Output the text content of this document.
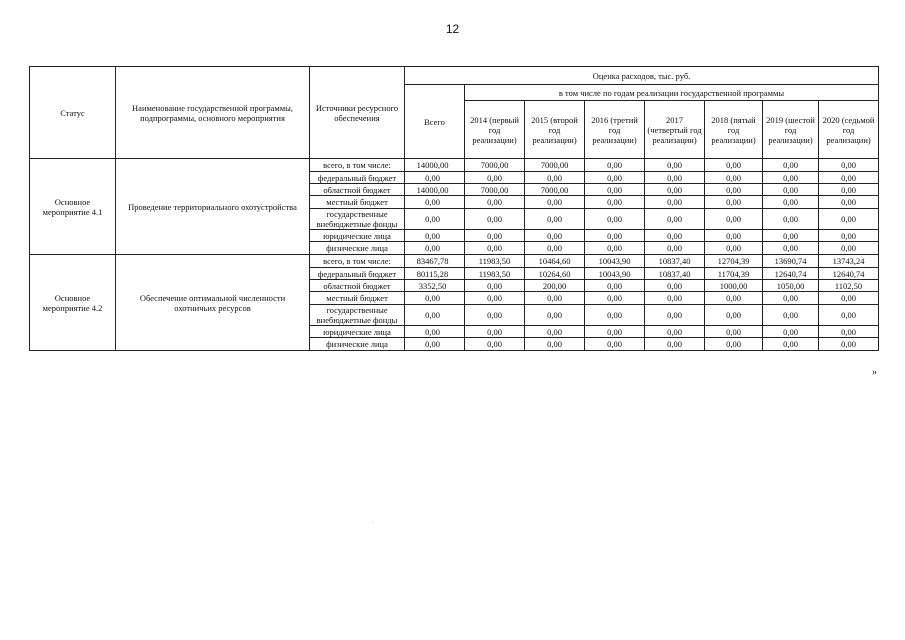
12
Статус	Наименование государственной программы, подпрограммы, основного мероприятия	Источники ресурсного обеспечения	Оценка расходов, тыс. руб.							
			Всего	в том числе по годам реализации государственной программы						
				2014 (первый год реализации)	2015 (второй год реализации)	2016 (третий год реализации)	2017 (четвертый год реализации)	2018 (пятый год реализации)	2019 (шестой год реализации)	2020 (седьмой год реализации)
Основное мероприятие 4.1	Проведение территориального охотустройства	всего, в том числе:	14000,00	7000,00	7000,00	0,00	0,00	0,00	0,00	0,00
		федеральный бюджет	0,00	0,00	0,00	0,00	0,00	0,00	0,00	0,00
		областной бюджет	14000,00	7000,00	7000,00	0,00	0,00	0,00	0,00	0,00
		местный бюджет	0,00	0,00	0,00	0,00	0,00	0,00	0,00	0,00
		государственные внебюджетные фонды	0,00	0,00	0,00	0,00	0,00	0,00	0,00	0,00
		юридические лица	0,00	0,00	0,00	0,00	0,00	0,00	0,00	0,00
		физические лица	0,00	0,00	0,00	0,00	0,00	0,00	0,00	0,00
Основное мероприятие 4.2	Обеспечение оптимальной численности охотничьих ресурсов	всего, в том числе:	83467,78	11983,50	10464,60	10043,90	10837,40	12704,39	13690,74	13743,24
		федеральный бюджет	80115,28	11983,50	10264,60	10043,90	10837,40	11704,39	12640,74	12640,74
		областной бюджет	3352,50	0,00	200,00	0,00	0,00	1000,00	1050,00	1102,50
		местный бюджет	0,00	0,00	0,00	0,00	0,00	0,00	0,00	0,00
		государственные внебюджетные фонды	0,00	0,00	0,00	0,00	0,00	0,00	0,00	0,00
		юридические лица	0,00	0,00	0,00	0,00	0,00	0,00	0,00	0,00
		физические лица	0,00	0,00	0,00	0,00	0,00	0,00	0,00	0,00
»
·
